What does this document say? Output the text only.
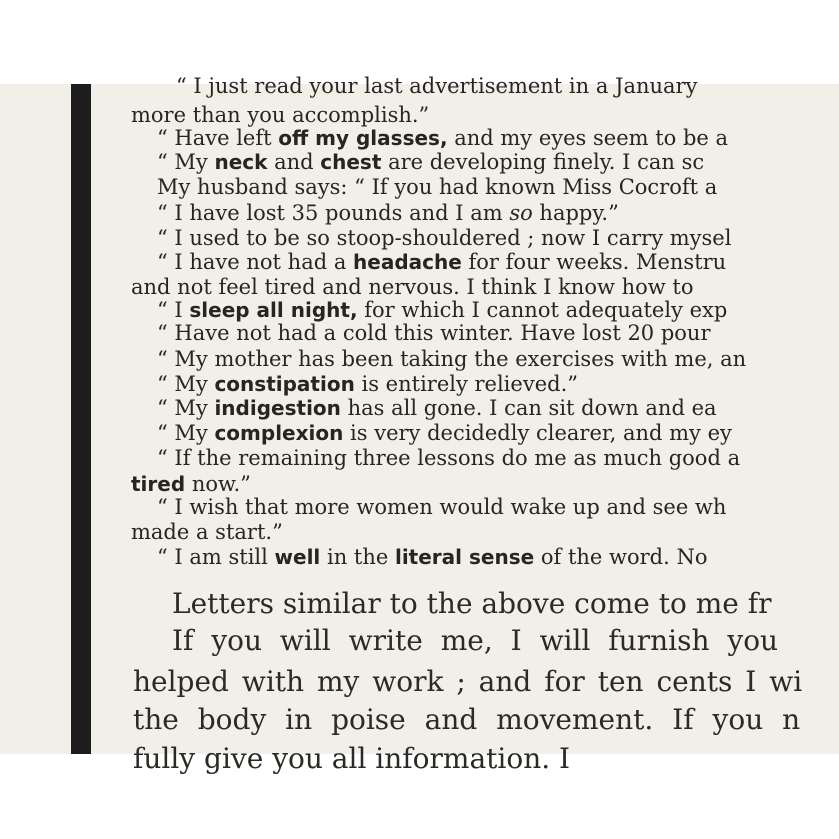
“ I just read your last advertisement in a January
more than you accomplish.”
“ Have left off my glasses, and my eyes seem to be a
“ My neck and chest are developing finely. I can sc
My husband says: “ If you had known Miss Cocroft a
“ I have lost 35 pounds and I am so happy.”
“ I used to be so stoop-shouldered ; now I carry mysel
“ I have not had a headache for four weeks. Menstru
and not feel tired and nervous. I think I know how to
“ I sleep all night, for which I cannot adequately exp
“ Have not had a cold this winter. Have lost 20 pour
“ My mother has been taking the exercises with me, an
“ My constipation is entirely relieved.”
“ My indigestion has all gone. I can sit down and ea
“ My complexion is very decidedly clearer, and my ey
“ If the remaining three lessons do me as much good a
tired now.”
“ I wish that more women would wake up and see wh
made a start.”
“ I am still well in the literal sense of the word. No
Letters similar to the above come to me fr
If you will write me, I will furnish you
helped with my work ; and for ten cents I wi
the body in poise and movement. If you n
fully give you all information. I
